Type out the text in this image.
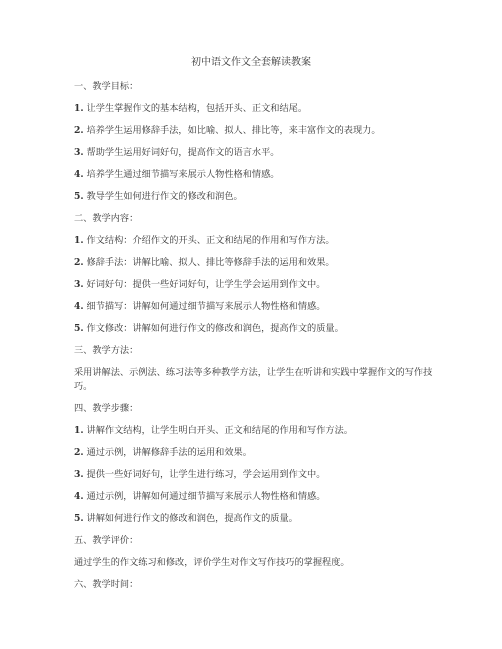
初中语文作文全套解读教案
一、教学目标：
1. 让学生掌握作文的基本结构，包括开头、正文和结尾。
2. 培养学生运用修辞手法，如比喻、拟人、排比等，来丰富作文的表现力。
3. 帮助学生运用好词好句，提高作文的语言水平。
4. 培养学生通过细节描写来展示人物性格和情感。
5. 教导学生如何进行作文的修改和润色。
二、教学内容：
1. 作文结构：介绍作文的开头、正文和结尾的作用和写作方法。
2. 修辞手法：讲解比喻、拟人、排比等修辞手法的运用和效果。
3. 好词好句：提供一些好词好句，让学生学会运用到作文中。
4. 细节描写：讲解如何通过细节描写来展示人物性格和情感。
5. 作文修改：讲解如何进行作文的修改和润色，提高作文的质量。
三、教学方法：
采用讲解法、示例法、练习法等多种教学方法，让学生在听讲和实践中掌握作文的写作技巧。
四、教学步骤：
1. 讲解作文结构，让学生明白开头、正文和结尾的作用和写作方法。
2. 通过示例，讲解修辞手法的运用和效果。
3. 提供一些好词好句，让学生进行练习，学会运用到作文中。
4. 通过示例，讲解如何通过细节描写来展示人物性格和情感。
5. 讲解如何进行作文的修改和润色，提高作文的质量。
五、教学评价：
通过学生的作文练习和修改，评价学生对作文写作技巧的掌握程度。
六、教学时间：
